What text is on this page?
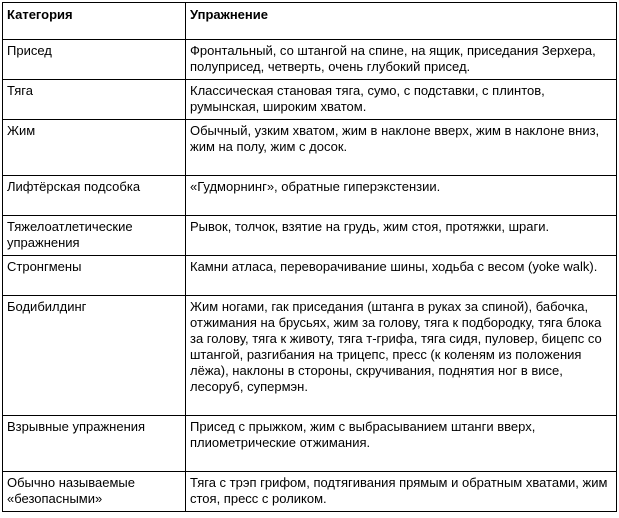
Категория	Упражнение
Присед	Фронтальный, со штангой на спине, на ящик, приседания Зерхера, полуприсед, четверть, очень глубокий присед.
Тяга	Классическая становая тяга, сумо, с подставки, с плинтов, румынская, широким хватом.
Жим	Обычный, узким хватом, жим в наклоне вверх, жим в наклоне вниз, жим на полу, жим с досок.
Лифтёрская подсобка	«Гудморнинг», обратные гиперэкстензии.
Тяжелоатлетические упражнения	Рывок, толчок, взятие на грудь, жим стоя, протяжки, шраги.
Стронгмены	Камни атласа, переворачивание шины, ходьба с весом (yoke walk).
Бодибилдинг	Жим ногами, гак приседания (штанга в руках за спиной), бабочка, отжимания на брусьях, жим за голову, тяга к подбородку, тяга блока за голову, тяга к животу, тяга т-грифа, тяга сидя, пуловер, бицепс со штангой, разгибания на трицепс, пресс (к коленям из положения лёжа), наклоны в стороны, скручивания, поднятия ног в висе, лесоруб, супермэн.
Взрывные упражнения	Присед с прыжком, жим с выбрасыванием штанги вверх, плиометрические отжимания.
Обычно называемые «безопасными»	Тяга с трэп грифом, подтягивания прямым и обратным хватами, жим стоя, пресс с роликом.
